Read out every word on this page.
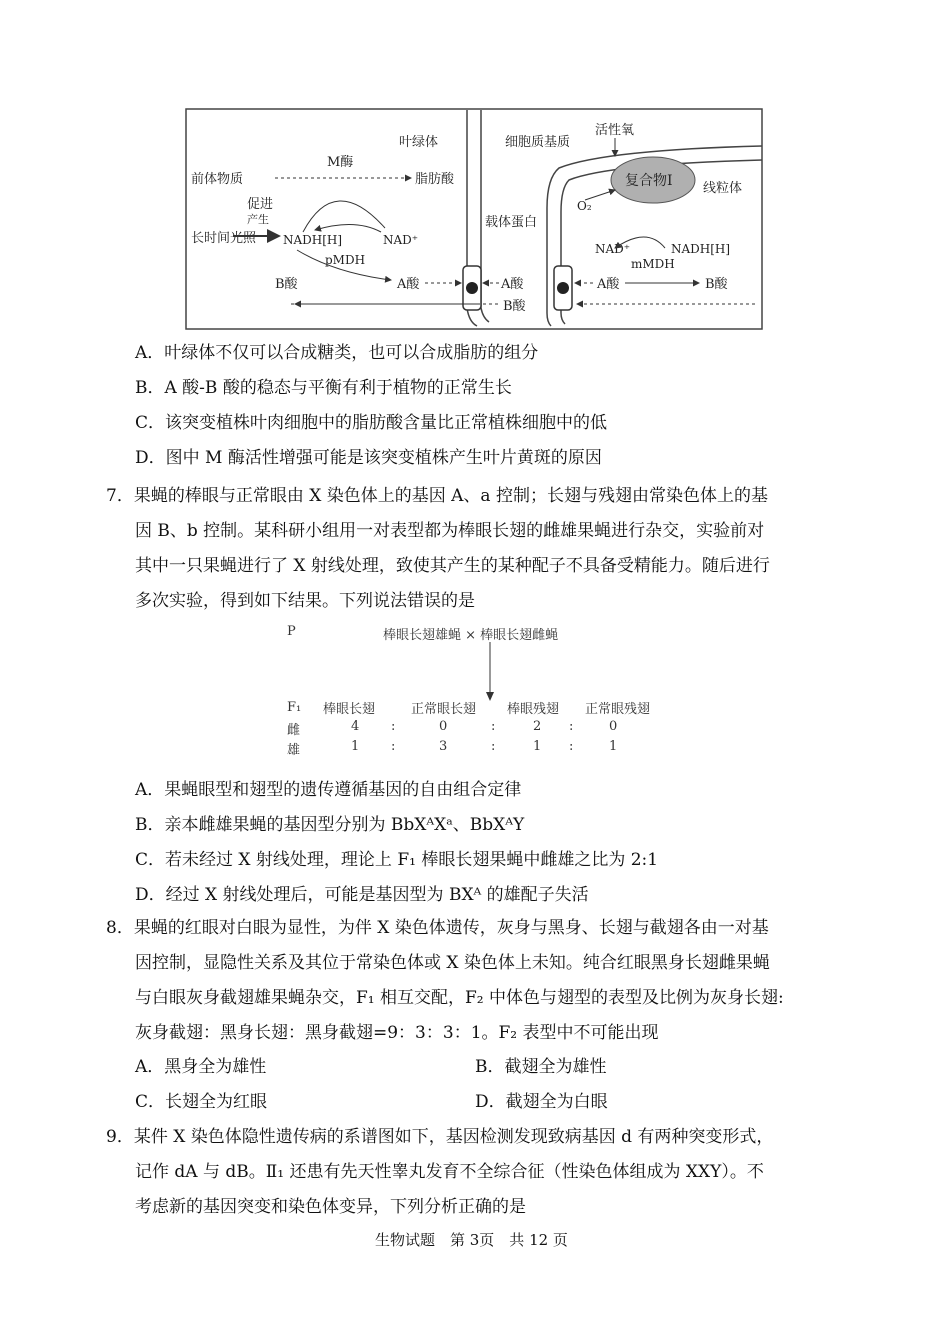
复合物Ⅰ
叶绿体	细胞质基质
活性氧
线粒体
前体物质
M酶
脂肪酸
促进
产生
长时间光照 NADH[H]	NAD⁺
pMDH
B酸	A酸	A酸
B酸
载体蛋白
O₂
NAD⁺	NADH[H]
mMDH
A酸	B酸
A．叶绿体不仅可以合成糖类，也可以合成脂肪的组分
B．A 酸-B 酸的稳态与平衡有利于植物的正常生长
C．该突变植株叶肉细胞中的脂肪酸含量比正常植株细胞中的低
D．图中 M 酶活性增强可能是该突变植株产生叶片黄斑的原因
7．果蝇的棒眼与正常眼由 X 染色体上的基因 A、a 控制；长翅与残翅由常染色体上的基
因 B、b 控制。某科研小组用一对表型都为棒眼长翅的雌雄果蝇进行杂交，实验前对
其中一只果蝇进行了 X 射线处理，致使其产生的某种配子不具备受精能力。随后进行
多次实验，得到如下结果。下列说法错误的是
P	棒眼长翅雄蝇 × 棒眼长翅雌蝇
F₁ 棒眼长翅	正常眼长翅 棒眼残翅 正常眼残翅
雌	4 :	0	:	2 :	0
雄	1 :	3	:	1 :	1
A．果蝇眼型和翅型的遗传遵循基因的自由组合定律
B．亲本雌雄果蝇的基因型分别为 BbXᴬXᵃ、BbXᴬY
C．若未经过 X 射线处理，理论上 F₁ 棒眼长翅果蝇中雌雄之比为 2:1
D．经过 X 射线处理后，可能是基因型为 BXᴬ 的雄配子失活
8．果蝇的红眼对白眼为显性，为伴 X 染色体遗传，灰身与黑身、长翅与截翅各由一对基
因控制，显隐性关系及其位于常染色体或 X 染色体上未知。纯合红眼黑身长翅雌果蝇
与白眼灰身截翅雄果蝇杂交，F₁ 相互交配，F₂ 中体色与翅型的表型及比例为灰身长翅:
灰身截翅：黑身长翅：黑身截翅=9：3：3：1。F₂ 表型中不可能出现
A．黑身全为雄性	B．截翅全为雄性
C．长翅全为红眼	D．截翅全为白眼
9．某件 X 染色体隐性遗传病的系谱图如下，基因检测发现致病基因 d 有两种突变形式，
记作 dA 与 dB。Ⅱ₁ 还患有先天性睾丸发育不全综合征（性染色体组成为 XXY）。不
考虑新的基因突变和染色体变异，下列分析正确的是
生物试题　第 3页　共 12 页
